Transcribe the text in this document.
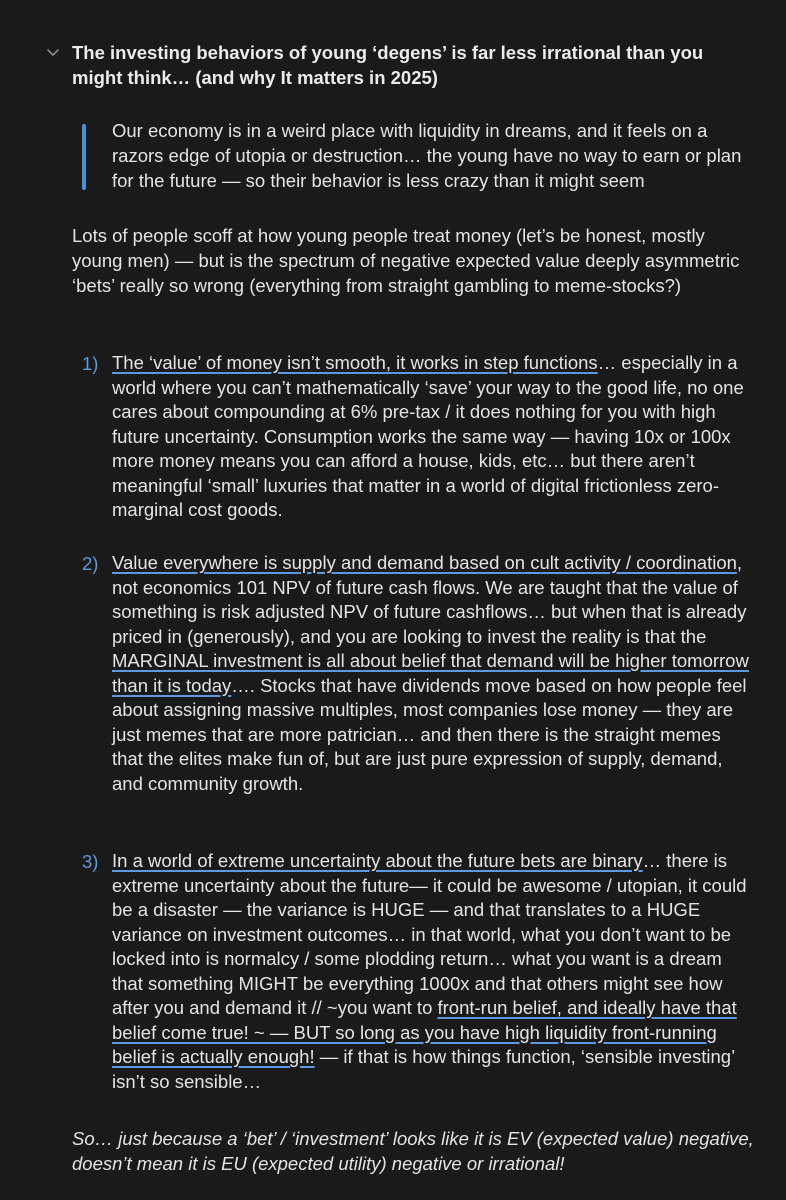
The investing behaviors of young ‘degens’ is far less irrational than you might think… (and why It matters in 2025)
Our economy is in a weird place with liquidity in dreams, and it feels on a razors edge of utopia or destruction… the young have no way to earn or plan for the future — so their behavior is less crazy than it might seem
Lots of people scoff at how young people treat money (let’s be honest, mostly young men) — but is the spectrum of negative expected value deeply asymmetric ‘bets’ really so wrong (everything from straight gambling to meme-stocks?)
1) The ‘value’ of money isn’t smooth, it works in step functions… especially in a world where you can’t mathematically ‘save’ your way to the good life, no one cares about compounding at 6% pre-tax / it does nothing for you with high future uncertainty. Consumption works the same way — having 10x or 100x more money means you can afford a house, kids, etc… but there aren’t meaningful ‘small’ luxuries that matter in a world of digital frictionless zero-marginal cost goods.
2) Value everywhere is supply and demand based on cult activity / coordination, not economics 101 NPV of future cash flows. We are taught that the value of something is risk adjusted NPV of future cashflows… but when that is already priced in (generously), and you are looking to invest the reality is that the MARGINAL investment is all about belief that demand will be higher tomorrow than it is today…. Stocks that have dividends move based on how people feel about assigning massive multiples, most companies lose money — they are just memes that are more patrician… and then there is the straight memes that the elites make fun of, but are just pure expression of supply, demand, and community growth.
3) In a world of extreme uncertainty about the future bets are binary… there is extreme uncertainty about the future— it could be awesome / utopian, it could be a disaster — the variance is HUGE — and that translates to a HUGE variance on investment outcomes… in that world, what you don’t want to be locked into is normalcy / some plodding return… what you want is a dream that something MIGHT be everything 1000x and that others might see how after you and demand it // ~you want to front-run belief, and ideally have that belief come true! ~ — BUT so long as you have high liquidity front-running belief is actually enough! — if that is how things function, ‘sensible investing’ isn’t so sensible…
So… just because a ‘bet’ / ‘investment’ looks like it is EV (expected value) negative, doesn’t mean it is EU (expected utility) negative or irrational!
